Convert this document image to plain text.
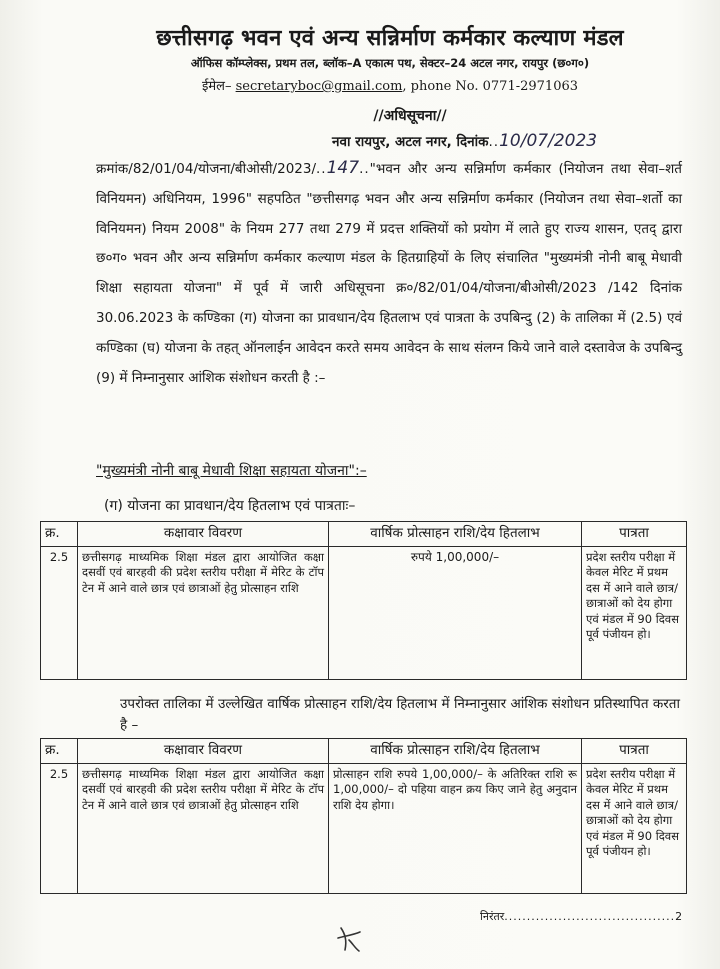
छत्तीसगढ़ भवन एवं अन्य सन्निर्माण कर्मकार कल्याण मंडल
ऑफिस कॉम्प्लेक्स, प्रथम तल, ब्लॉक–A एकात्म पथ, सेक्टर–24 अटल नगर, रायपुर (छ०ग०)
ईमेल– secretaryboc@gmail.com, phone No. 0771-2971063
//अधिसूचना//
नवा रायपुर, अटल नगर, दिनांक..10/07/2023
क्रमांक/82/01/04/योजना/बीओसी/2023/..147.."भवन और अन्य सन्निर्माण कर्मकार (नियोजन तथा सेवा–शर्त विनियमन) अधिनियम, 1996" सहपठित "छत्तीसगढ़ भवन और अन्य सन्निर्माण कर्मकार (नियोजन तथा सेवा–शर्तो का विनियमन) नियम 2008" के नियम 277 तथा 279 में प्रदत्त शक्तियों को प्रयोग में लाते हुए राज्य शासन, एतद् द्वारा छ०ग० भवन और अन्य सन्निर्माण कर्मकार कल्याण मंडल के हितग्राहियों के लिए संचालित "मुख्यमंत्री नोनी बाबू मेधावी शिक्षा सहायता योजना" में पूर्व में जारी अधिसूचना क्र०/82/01/04/योजना/बीओसी/2023 /142 दिनांक 30.06.2023 के कण्डिका (ग) योजना का प्रावधान/देय हितलाभ एवं पात्रता के उपबिन्दु (2) के तालिका में (2.5) एवं कण्डिका (घ) योजना के तहत् ऑनलाईन आवेदन करते समय आवेदन के साथ संलग्न किये जाने वाले दस्तावेज के उपबिन्दु (9) में निम्नानुसार आंशिक संशोधन करती है :–
"मुख्यमंत्री नोनी बाबू मेधावी शिक्षा सहायता योजना":–
(ग) योजना का प्रावधान/देय हितलाभ एवं पात्रताः–
क्र.	कक्षावार विवरण	वार्षिक प्रोत्साहन राशि/देय हितलाभ	पात्रता
2.5	छत्तीसगढ़ माध्यमिक शिक्षा मंडल द्वारा आयोजित कक्षा दसवीं एवं बारहवी की प्रदेश स्तरीय परीक्षा में मेरिट के टॉप टेन में आने वाले छात्र एवं छात्राओं हेतु प्रोत्साहन राशि	रुपये 1,00,000/–	प्रदेश स्तरीय परीक्षा में केवल मेरिट में प्रथम दस में आने वाले छात्र/छात्राओं को देय होगा एवं मंडल में 90 दिवस पूर्व पंजीयन हो।
उपरोक्त तालिका में उल्लेखित वार्षिक प्रोत्साहन राशि/देय हितलाभ में निम्नानुसार आंशिक संशोधन प्रतिस्थापित करता है –
क्र.	कक्षावार विवरण	वार्षिक प्रोत्साहन राशि/देय हितलाभ	पात्रता
2.5	छत्तीसगढ़ माध्यमिक शिक्षा मंडल द्वारा आयोजित कक्षा दसवीं एवं बारहवी की प्रदेश स्तरीय परीक्षा में मेरिट के टॉप टेन में आने वाले छात्र एवं छात्राओं हेतु प्रोत्साहन राशि	प्रोत्साहन राशि रुपये 1,00,000/– के अतिरिक्त राशि रू 1,00,000/– दो पहिया वाहन क्रय किए जाने हेतु अनुदान राशि देय होगा।	प्रदेश स्तरीय परीक्षा में केवल मेरिट में प्रथम दस में आने वाले छात्र/छात्राओं को देय होगा एवं मंडल में 90 दिवस पूर्व पंजीयन हो।
निरंतर......................................2
